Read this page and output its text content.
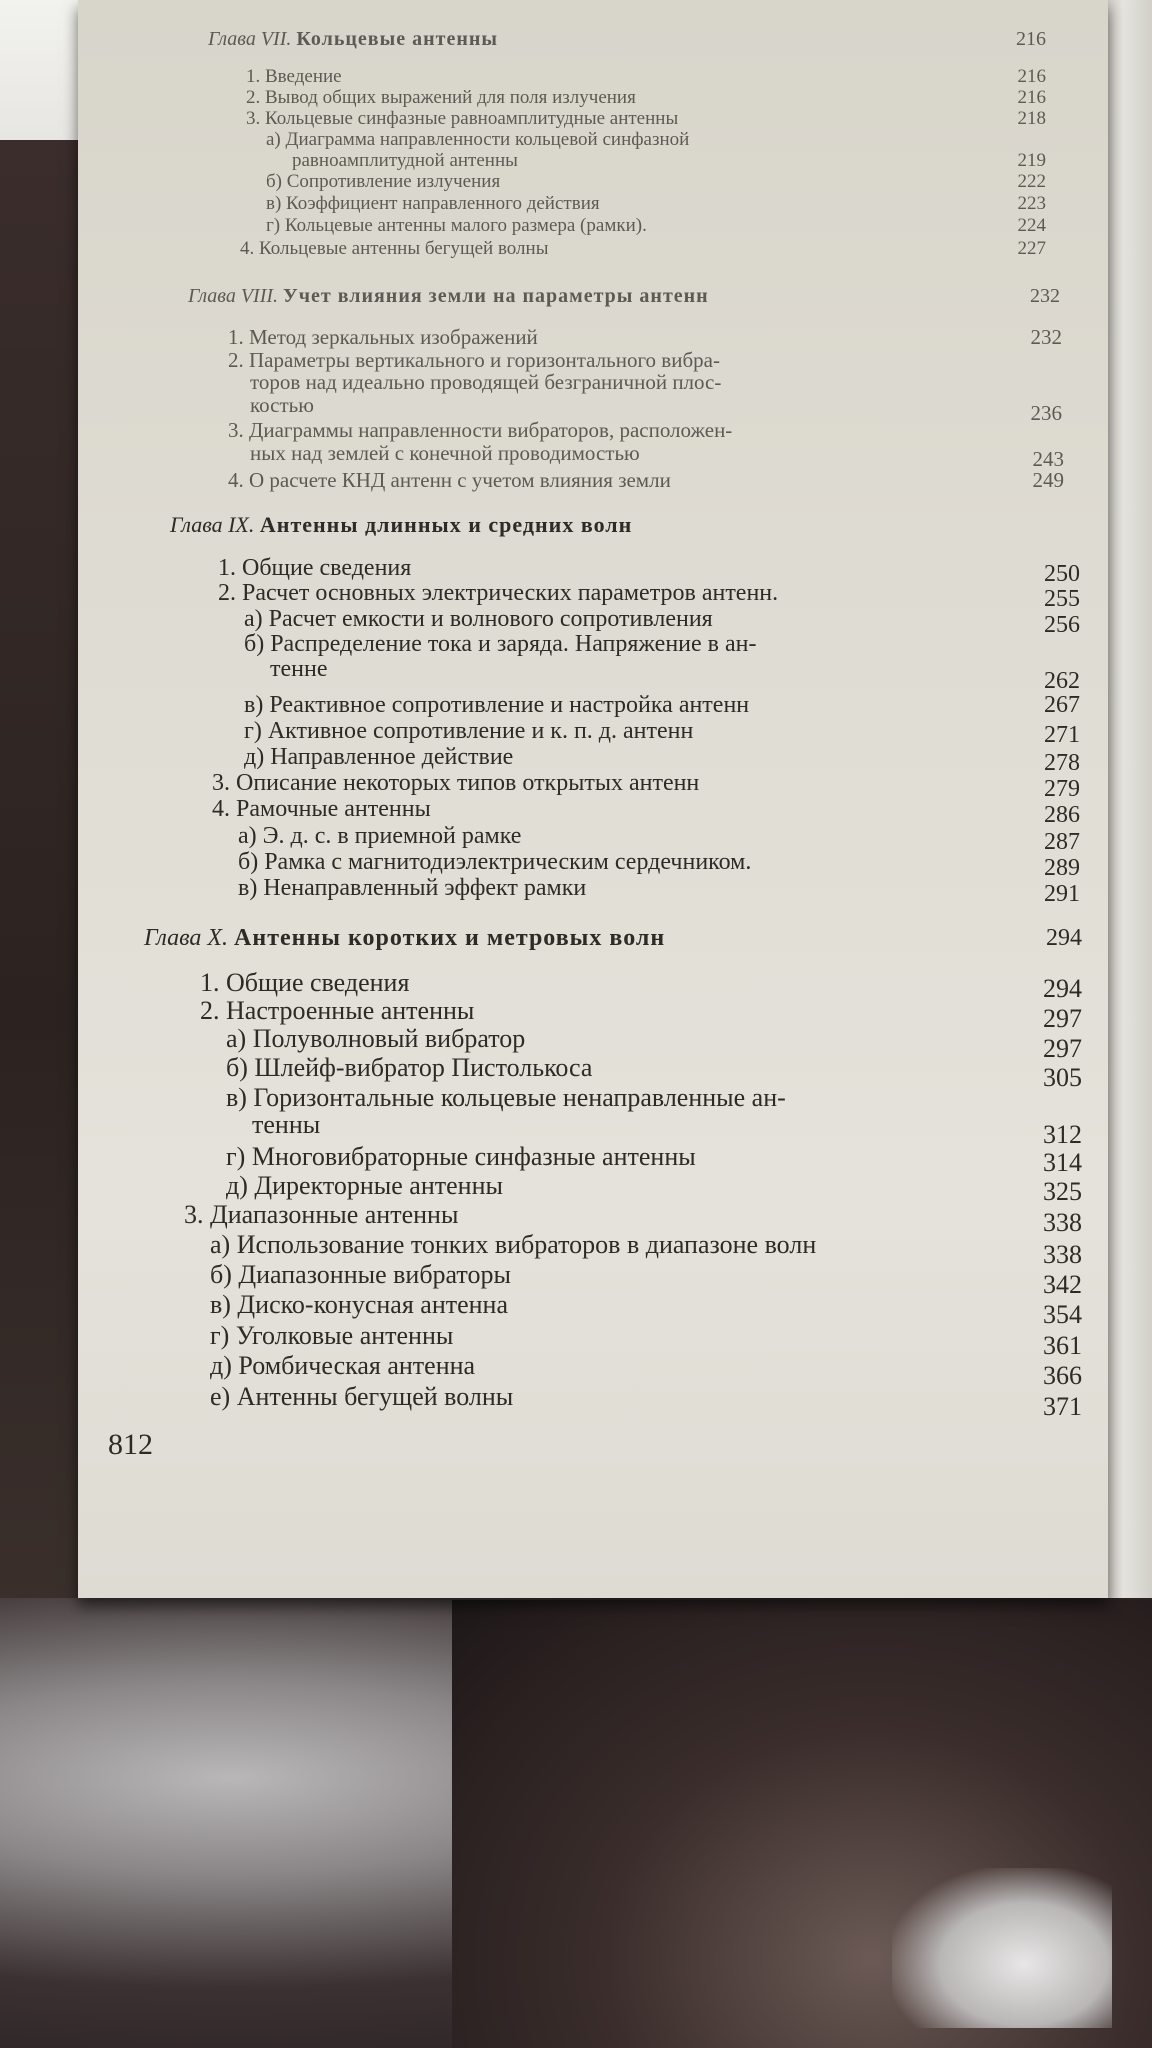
Глава VII. Кольцевые антенны	216
1. Введение	216
2. Вывод общих выражений для поля излучения	216
3. Кольцевые синфазные равноамплитудные антенны	218
а) Диаграмма направленности кольцевой синфазной
равноамплитудной антенны	219
б) Сопротивление излучения	222
в) Коэффициент направленного действия	223
г) Кольцевые антенны малого размера (рамки).	224
4. Кольцевые антенны бегущей волны	227
Глава VIII. Учет влияния земли на параметры антенн	232
1. Метод зеркальных изображений	232
2. Параметры вертикального и горизонтального вибра-
торов над идеально проводящей безграничной плос-
костью	236
3. Диаграммы направленности вибраторов, расположен-
ных над землей с конечной проводимостью	243
4. О расчете КНД антенн с учетом влияния земли	249
Глава IX. Антенны длинных и средних волн
1. Общие сведения	250
2. Расчет основных электрических параметров антенн.	255
а) Расчет емкости и волнового сопротивления	256
б) Распределение тока и заряда. Напряжение в ан-
тенне	262
в) Реактивное сопротивление и настройка антенн	267
г) Активное сопротивление и к. п. д. антенн	271
д) Направленное действие	278
3. Описание некоторых типов открытых антенн	279
4. Рамочные антенны	286
а) Э. д. с. в приемной рамке	287
б) Рамка с магнитодиэлектрическим сердечником.	289
в) Ненаправленный эффект рамки	291
Глава X. Антенны коротких и метровых волн	294
1. Общие сведения	294
2. Настроенные антенны	297
а) Полуволновый вибратор	297
б) Шлейф-вибратор Пистолькоса	305
в) Горизонтальные кольцевые ненаправленные ан-
тенны	312
г) Многовибраторные синфазные антенны	314
д) Директорные антенны	325
3. Диапазонные антенны	338
а) Использование тонких вибраторов в диапазоне волн	338
б) Диапазонные вибраторы	342
в) Диско-конусная антенна	354
г) Уголковые антенны	361
д) Ромбическая антенна	366
е) Антенны бегущей волны	371
812
